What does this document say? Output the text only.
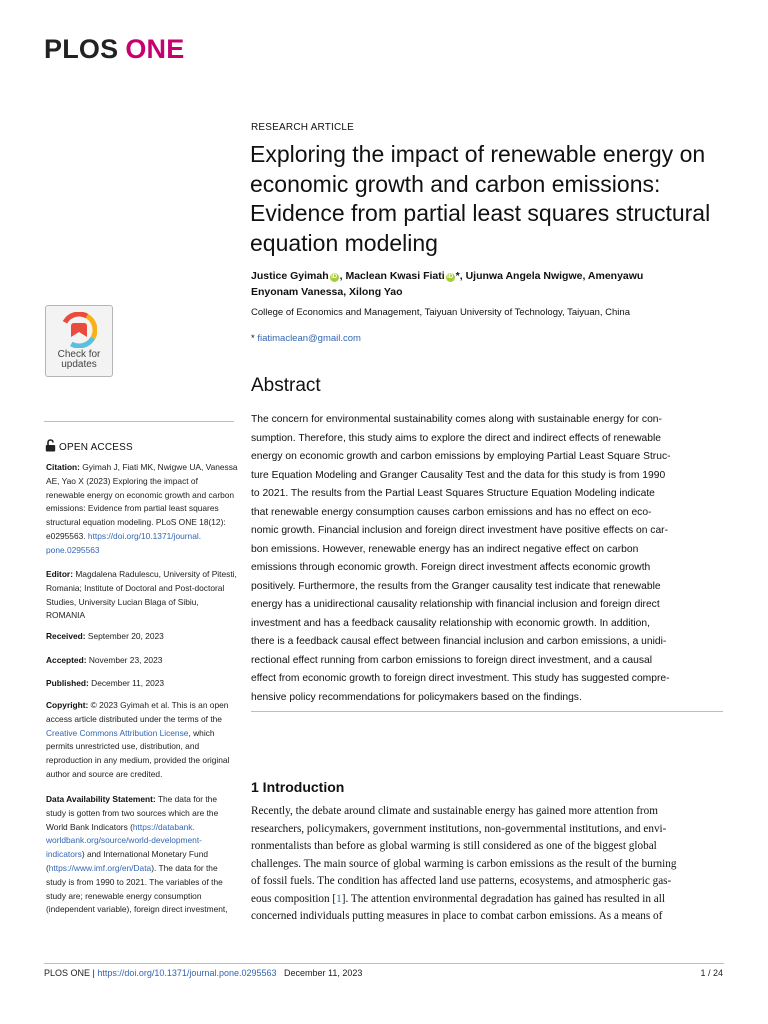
PLOS ONE
RESEARCH ARTICLE
Exploring the impact of renewable energy on
economic growth and carbon emissions:
Evidence from partial least squares structural
equation modeling
Justice Gyimah iD , Maclean Kwasi Fiati iD *, Ujunwa Angela Nwigwe, Amenyawu
Enyonam Vanessa, Xilong Yao
College of Economics and Management, Taiyuan University of Technology, Taiyuan, China
* fiatimaclean@gmail.com
Check for
updates
OPEN ACCESS
Citation: Gyimah J, Fiati MK, Nwigwe UA, Vanessa
AE, Yao X (2023) Exploring the impact of
renewable energy on economic growth and carbon
emissions: Evidence from partial least squares
structural equation modeling. PLoS ONE 18(12):
e0295563. https://doi.org/10.1371/journal.
pone.0295563
Editor: Magdalena Radulescu, University of Pitesti,
Romania; Institute of Doctoral and Post-doctoral
Studies, University Lucian Blaga of Sibiu,
ROMANIA
Received: September 20, 2023
Accepted: November 23, 2023
Published: December 11, 2023
Copyright: © 2023 Gyimah et al. This is an open
access article distributed under the terms of the
Creative Commons Attribution License, which
permits unrestricted use, distribution, and
reproduction in any medium, provided the original
author and source are credited.
Data Availability Statement: The data for the
study is gotten from two sources which are the
World Bank Indicators (https://databank.
worldbank.org/source/world-development-
indicators) and International Monetary Fund
(https://www.imf.org/en/Data). The data for the
study is from 1990 to 2021. The variables of the
study are; renewable energy consumption
(independent variable), foreign direct investment,
Abstract
The concern for environmental sustainability comes along with sustainable energy for con-
sumption. Therefore, this study aims to explore the direct and indirect effects of renewable
energy on economic growth and carbon emissions by employing Partial Least Square Struc-
ture Equation Modeling and Granger Causality Test and the data for this study is from 1990
to 2021. The results from the Partial Least Squares Structure Equation Modeling indicate
that renewable energy consumption causes carbon emissions and has no effect on eco-
nomic growth. Financial inclusion and foreign direct investment have positive effects on car-
bon emissions. However, renewable energy has an indirect negative effect on carbon
emissions through economic growth. Foreign direct investment affects economic growth
positively. Furthermore, the results from the Granger causality test indicate that renewable
energy has a unidirectional causality relationship with financial inclusion and foreign direct
investment and has a feedback causality relationship with economic growth. In addition,
there is a feedback causal effect between financial inclusion and carbon emissions, a unidi-
rectional effect running from carbon emissions to foreign direct investment, and a causal
effect from economic growth to foreign direct investment. This study has suggested compre-
hensive policy recommendations for policymakers based on the findings.
1 Introduction
Recently, the debate around climate and sustainable energy has gained more attention from
researchers, policymakers, government institutions, non-governmental institutions, and envi-
ronmentalists than before as global warming is still considered as one of the biggest global
challenges. The main source of global warming is carbon emissions as the result of the burning
of fossil fuels. The condition has affected land use patterns, ecosystems, and atmospheric gas-
eous composition [1]. The attention environmental degradation has gained has resulted in all
concerned individuals putting measures in place to combat carbon emissions. As a means of
PLOS ONE | https://doi.org/10.1371/journal.pone.0295563 December 11, 2023	1 / 24
